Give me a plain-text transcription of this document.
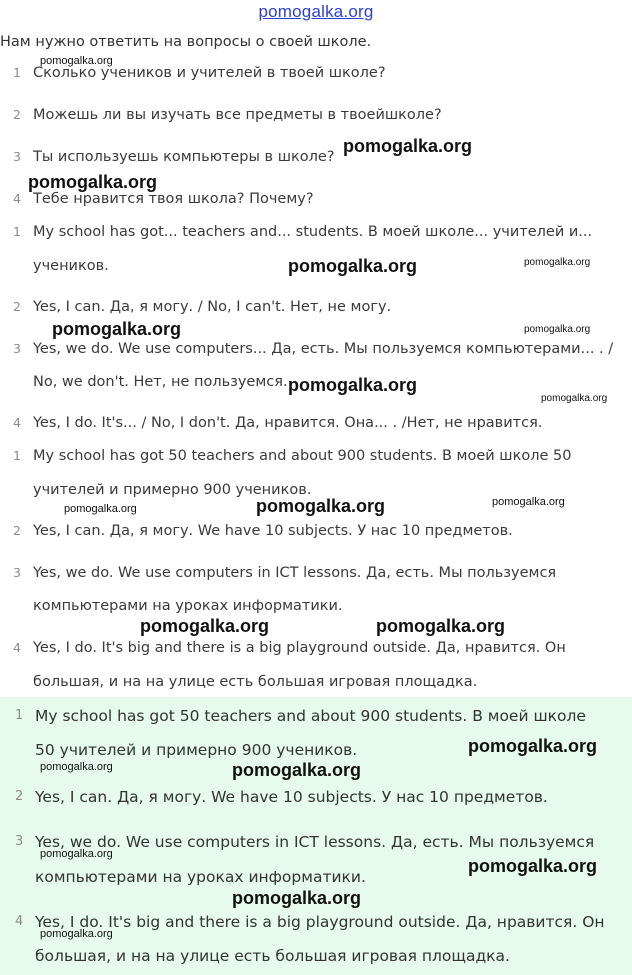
pomogalka.org
Нам нужно ответить на вопросы о своей школе.
1 Сколько учеников и учителей в твоей школе?
2 Можешь ли вы изучать все предметы в твоейшколе?
3 Ты используешь компьютеры в школе?
4 Тебе нравится твоя школа? Почему?
1 My school has got... teachers and... students. В моей школе... учителей и...
учеников.
2 Yes, I can. Да, я могу. / No, I can't. Нет, не могу.
3 Yes, we do. We use computers... Да, есть. Мы пользуемся компьютерами... . /
No, we don't. Нет, не пользуемся.
4 Yes, I do. It's... / No, I don't. Да, нравится. Она... . /Нет, не нравится.
1 My school has got 50 teachers and about 900 students. В моей школе 50
учителей и примерно 900 учеников.
2 Yes, I can. Да, я могу. We have 10 subjects. У нас 10 предметов.
3 Yes, we do. We use computers in ICT lessons. Да, есть. Мы пользуемся
компьютерами на уроках информатики.
4 Yes, I do. It's big and there is a big playground outside. Да, нравится. Он
большая, и на на улице есть большая игровая площадка.
1 My school has got 50 teachers and about 900 students. В моей школе
50 учителей и примерно 900 учеников.
2 Yes, I can. Да, я могу. We have 10 subjects. У нас 10 предметов.
3 Yes, we do. We use computers in ICT lessons. Да, есть. Мы пользуемся
компьютерами на уроках информатики.
4 Yes, I do. It's big and there is a big playground outside. Да, нравится. Он
большая, и на на улице есть большая игровая площадка.
pomogalka.org
pomogalka.org
pomogalka.org
pomogalka.org	pomogalka.org
pomogalka.org	pomogalka.org
pomogalka.org
pomogalka.org
pomogalka.org	pomogalka.org
pomogalka.org
pomogalka.org	pomogalka.org
pomogalka.org
pomogalka.org	pomogalka.org
pomogalka.org
pomogalka.org
pomogalka.org
pomogalka.org
